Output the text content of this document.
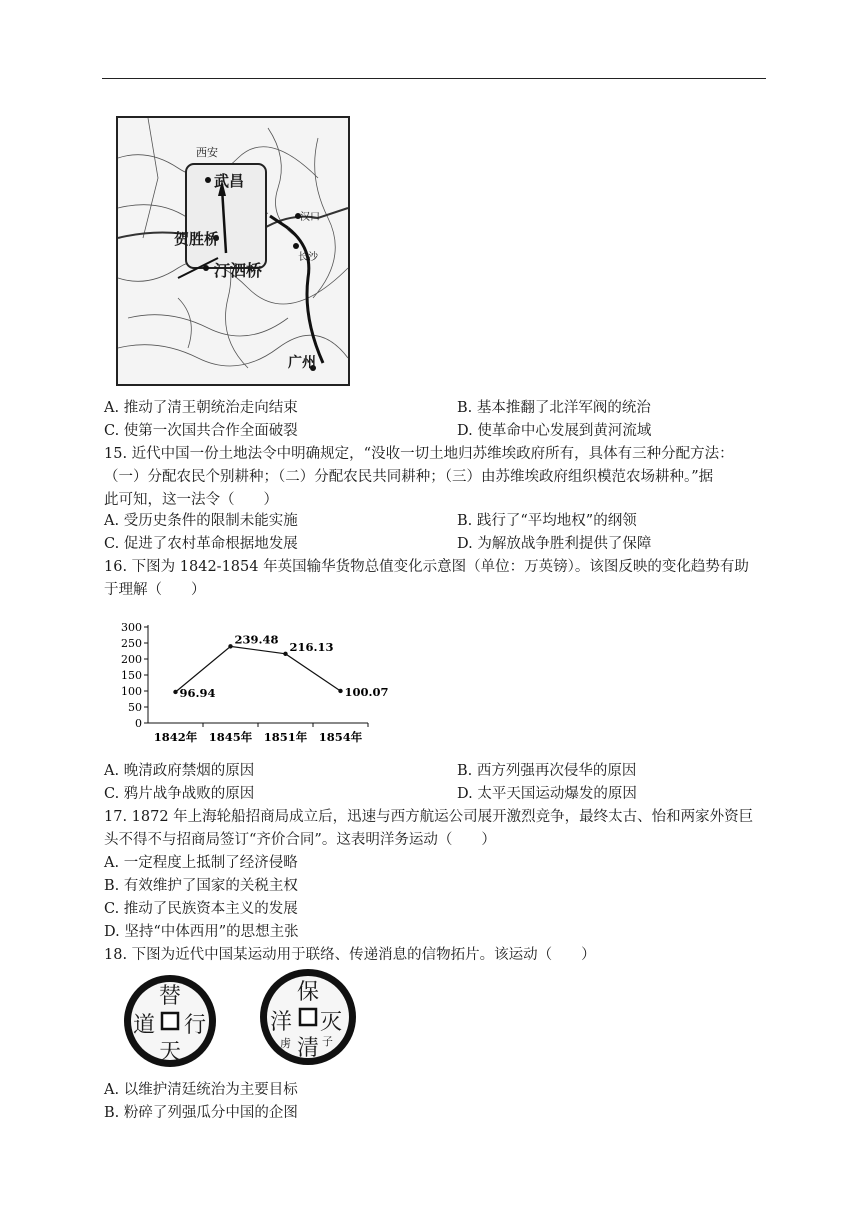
西安
武昌
贺胜桥
汀泗桥
汉口
长沙
广州
A. 推动了清王朝统治走向结束	B. 基本推翻了北洋军阀的统治
C. 使第一次国共合作全面破裂	D. 使革命中心发展到黄河流域
15. 近代中国一份土地法令中明确规定，“没收一切土地归苏维埃政府所有，具体有三种分配方法：
（一）分配农民个别耕种；（二）分配农民共同耕种；（三）由苏维埃政府组织模范农场耕种。”据
此可知，这一法令（　　）
A. 受历史条件的限制未能实施	B. 践行了“平均地权”的纲领
C. 促进了农村革命根据地发展	D. 为解放战争胜利提供了保障
16. 下图为 1842-1854 年英国输华货物总值变化示意图（单位：万英镑）。该图反映的变化趋势有助
于理解（　　）
0
50
100
150
200
250
300
1842年 1845年 1851年 1854年
96.94
239.48
216.13
100.07
A. 晚清政府禁烟的原因	B. 西方列强再次侵华的原因
C. 鸦片战争战败的原因	D. 太平天国运动爆发的原因
17. 1872 年上海轮船招商局成立后，迅速与西方航运公司展开激烈竞争，最终太古、怡和两家外资巨
头不得不与招商局签订“齐价合同”。这表明洋务运动（　　）
A. 一定程度上抵制了经济侵略
B. 有效维护了国家的关税主权
C. 推动了民族资本主义的发展
D. 坚持“中体西用”的思想主张
18. 下图为近代中国某运动用于联络、传递消息的信物拓片。该运动（　　）
替
道 行
天
保
洋 灭
清
虏	子
A. 以维护清廷统治为主要目标
B. 粉碎了列强瓜分中国的企图
